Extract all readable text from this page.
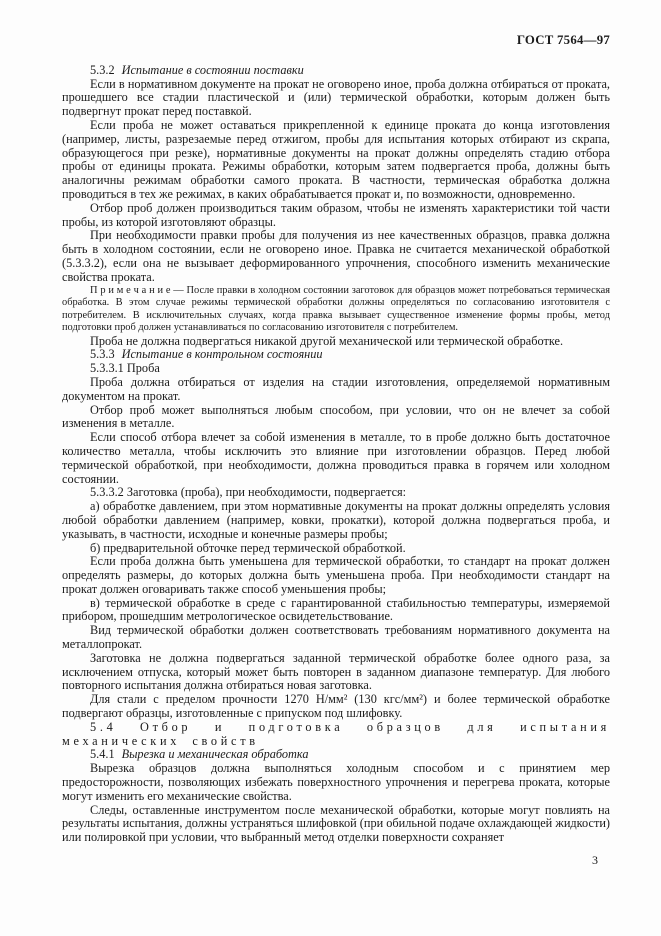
ГОСТ 7564—97

5.3.2 Испытание в состоянии поставки

Если в нормативном документе на прокат не оговорено иное, проба должна отбираться от проката, прошедшего все стадии пластической и (или) термической обработки, которым должен быть подвергнут прокат перед поставкой.

Если проба не может оставаться прикрепленной к единице проката до конца изготовления (например, листы, разрезаемые перед отжигом, пробы для испытания которых отбирают из скрапа, образующегося при резке), нормативные документы на прокат должны определять стадию отбора пробы от единицы проката. Режимы обработки, которым затем подвергается проба, должны быть аналогичны режимам обработки самого проката. В частности, термическая обработка должна проводиться в тех же режимах, в каких обрабатывается прокат и, по возможности, одновременно.

Отбор проб должен производиться таким образом, чтобы не изменять характеристики той части пробы, из которой изготовляют образцы.

При необходимости правки пробы для получения из нее качественных образцов, правка должна быть в холодном состоянии, если не оговорено иное. Правка не считается механической обработкой (5.3.3.2), если она не вызывает деформированного упрочнения, способного изменить механические свойства проката.

П р и м е ч а н и е — После правки в холодном состоянии заготовок для образцов может потребоваться термическая обработка. В этом случае режимы термической обработки должны определяться по согласованию изготовителя с потребителем. В исключительных случаях, когда правка вызывает существенное изменение формы пробы, метод подготовки проб должен устанавливаться по согласованию изготовителя с потребителем.

Проба не должна подвергаться никакой другой механической или термической обработке.

5.3.3 Испытание в контрольном состоянии

5.3.3.1 Проба

Проба должна отбираться от изделия на стадии изготовления, определяемой нормативным документом на прокат.

Отбор проб может выполняться любым способом, при условии, что он не влечет за собой изменения в металле.

Если способ отбора влечет за собой изменения в металле, то в пробе должно быть достаточное количество металла, чтобы исключить это влияние при изготовлении образцов. Перед любой термической обработкой, при необходимости, должна проводиться правка в горячем или холодном состоянии.

5.3.3.2 Заготовка (проба), при необходимости, подвергается:

а) обработке давлением, при этом нормативные документы на прокат должны определять условия любой обработки давлением (например, ковки, прокатки), которой должна подвергаться проба, и указывать, в частности, исходные и конечные размеры пробы;

б) предварительной обточке перед термической обработкой.

Если проба должна быть уменьшена для термической обработки, то стандарт на прокат должен определять размеры, до которых должна быть уменьшена проба. При необходимости стандарт на прокат должен оговаривать также способ уменьшения пробы;

в) термической обработке в среде с гарантированной стабильностью температуры, измеряемой прибором, прошедшим метрологическое освидетельствование.

Вид термической обработки должен соответствовать требованиям нормативного документа на металлопрокат.

Заготовка не должна подвергаться заданной термической обработке более одного раза, за исключением отпуска, который может быть повторен в заданном диапазоне температур. Для любого повторного испытания должна отбираться новая заготовка.

Для стали с пределом прочности 1270 Н/мм² (130 кгс/мм²) и более термической обработке подвергают образцы, изготовленные с припуском под шлифовку.

5.4 Отбор и подготовка образцов для испытания механических свойств

5.4.1 Вырезка и механическая обработка

Вырезка образцов должна выполняться холодным способом и с принятием мер предосторожности, позволяющих избежать поверхностного упрочнения и перегрева проката, которые могут изменить его механические свойства.

Следы, оставленные инструментом после механической обработки, которые могут повлиять на результаты испытания, должны устраняться шлифовкой (при обильной подаче охлаждающей жидкости) или полировкой при условии, что выбранный метод отделки поверхности сохраняет

3
